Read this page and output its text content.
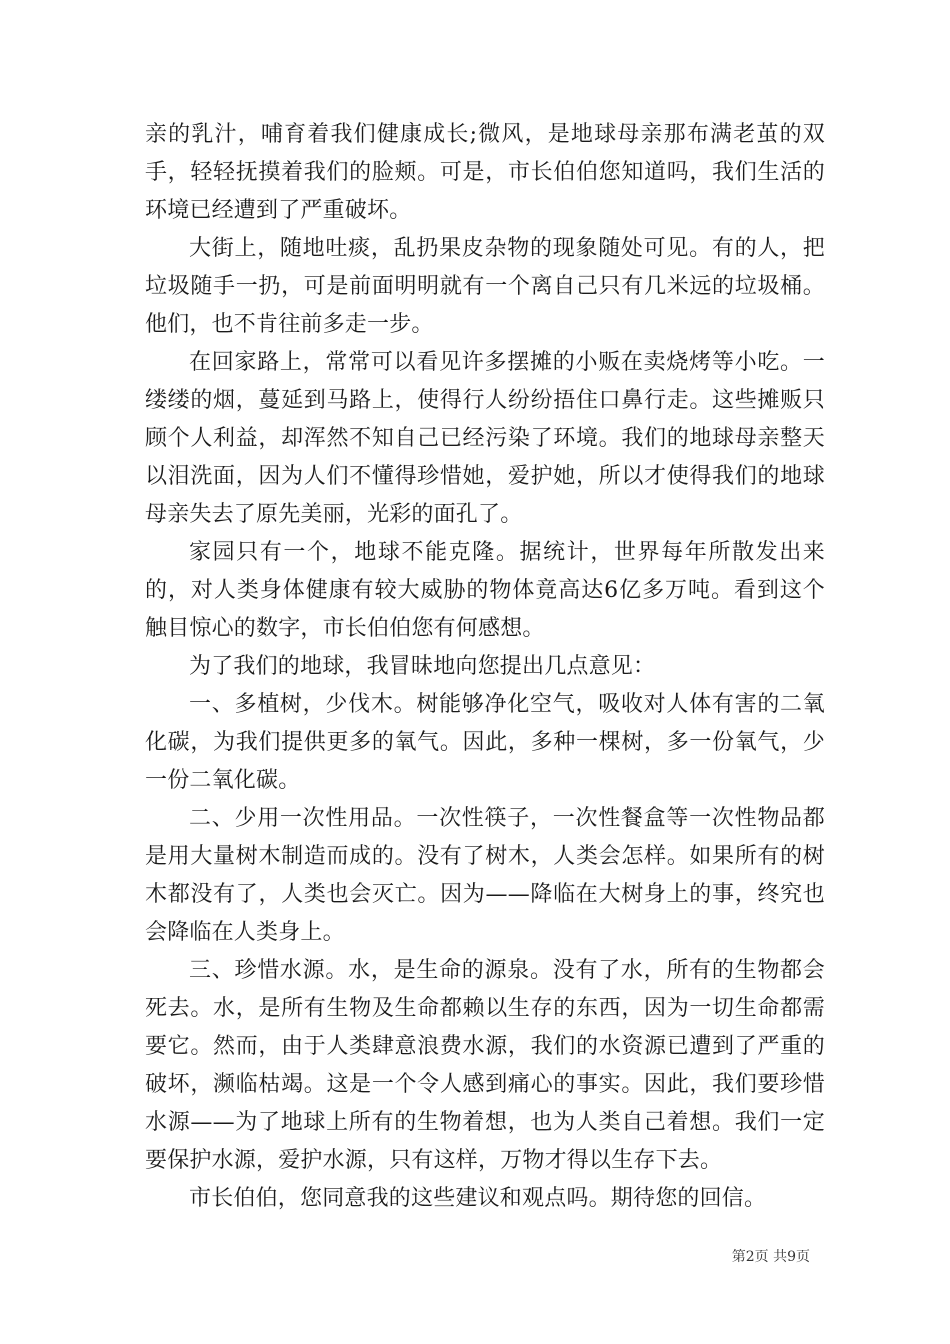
亲的乳汁，哺育着我们健康成长;微风，是地球母亲那布满老茧的双手，轻轻抚摸着我们的脸颊。可是，市长伯伯您知道吗，我们生活的环境已经遭到了严重破坏。

大街上，随地吐痰，乱扔果皮杂物的现象随处可见。有的人，把垃圾随手一扔，可是前面明明就有一个离自己只有几米远的垃圾桶。他们，也不肯往前多走一步。

在回家路上，常常可以看见许多摆摊的小贩在卖烧烤等小吃。一缕缕的烟，蔓延到马路上，使得行人纷纷捂住口鼻行走。这些摊贩只顾个人利益，却浑然不知自己已经污染了环境。我们的地球母亲整天以泪洗面，因为人们不懂得珍惜她，爱护她，所以才使得我们的地球母亲失去了原先美丽，光彩的面孔了。

家园只有一个，地球不能克隆。据统计，世界每年所散发出来的，对人类身体健康有较大威胁的物体竟高达6亿多万吨。看到这个触目惊心的数字，市长伯伯您有何感想。

为了我们的地球，我冒昧地向您提出几点意见：

一、多植树，少伐木。树能够净化空气，吸收对人体有害的二氧化碳，为我们提供更多的氧气。因此，多种一棵树，多一份氧气，少一份二氧化碳。

二、少用一次性用品。一次性筷子，一次性餐盒等一次性物品都是用大量树木制造而成的。没有了树木，人类会怎样。如果所有的树木都没有了，人类也会灭亡。因为——降临在大树身上的事，终究也会降临在人类身上。

三、珍惜水源。水，是生命的源泉。没有了水，所有的生物都会死去。水，是所有生物及生命都赖以生存的东西，因为一切生命都需要它。然而，由于人类肆意浪费水源，我们的水资源已遭到了严重的破坏，濒临枯竭。这是一个令人感到痛心的事实。因此，我们要珍惜水源——为了地球上所有的生物着想，也为人类自己着想。我们一定要保护水源，爱护水源，只有这样，万物才得以生存下去。

市长伯伯，您同意我的这些建议和观点吗。期待您的回信。

第2页 共9页
